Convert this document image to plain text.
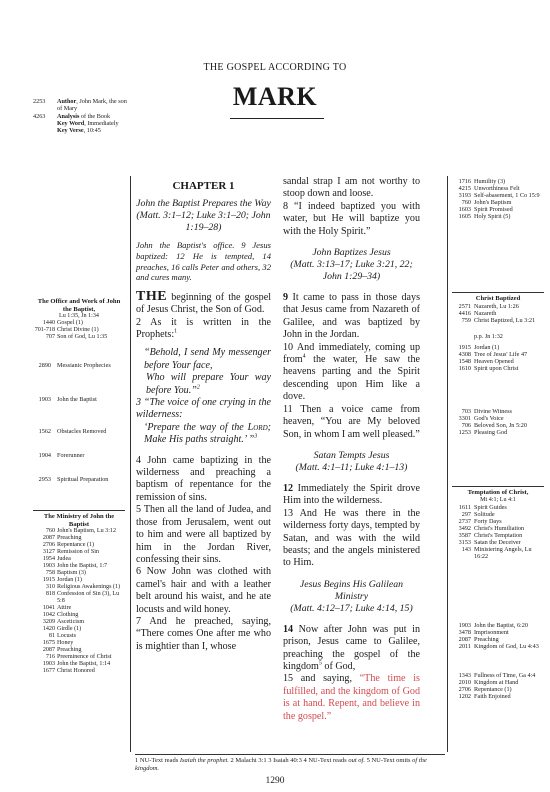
THE GOSPEL ACCORDING TO
MARK
2253 Author, John Mark, the son of Mary
4263 Analysis of the Book
Key Word, Immediately
Key Verse, 10:45
The Office and Work of John the Baptist,
Lu 1:35, Jn 1:34
1440 Gospel (1)
701-718 Christ Divine (1)
707 Son of God, Lu 1:35
2890 Messianic Prophecies
1903 John the Baptist
1562 Obstacles Removed
1904 Forerunner
2953 Spiritual Preparation
The Ministry of John the Baptist
760 John's Baptism, Lu 3:12
2087 Preaching
2706 Repentance (1)
3127 Remission of Sin
1954 Judea
1903 John the Baptist, 1:7
758 Baptism (3)
1915 Jordan (1)
310 Religious Awakenings (1)
818 Confession of Sin (3), Lu 5:8
1041 Attire
1042 Clothing
3209 Asceticism
1420 Girdle (1)
81 Locusts
1675 Honey
2087 Preaching
716 Preeminence of Christ
1903 John the Baptist, 1:14
1677 Christ Honored
CHAPTER 1
John the Baptist Prepares the Way
(Matt. 3:1–12; Luke 3:1–20; John 1:19–28)
John the Baptist's office. 9 Jesus baptized: 12 He is tempted, 14 preaches, 16 calls Peter and others, 32 and cures many.

THE beginning of the gospel of Jesus Christ, the Son of God.

2 As it is written in the Prophets:$^1$

“Behold, I send My messenger before Your face,

Who will prepare Your way before You.”$^2$

3 “The voice of one crying in the wilderness:

‘Prepare the way of the Lord; Make His paths straight.’ ”$^3$

4 John came baptizing in the wilderness and preaching a baptism of repentance for the remission of sins.

5 Then all the land of Judea, and those from Jerusalem, went out to him and were all baptized by him in the Jordan River, confessing their sins.

6 Now John was clothed with camel's hair and with a leather belt around his waist, and he ate locusts and wild honey.

7 And he preached, saying, “There comes One after me who is mightier than I, whose

sandal strap I am not worthy to stoop down and loose.

8 “I indeed baptized you with water, but He will baptize you with the Holy Spirit.”

John Baptizes Jesus
(Matt. 3:13–17; Luke 3:21, 22; John 1:29–34)

9 It came to pass in those days that Jesus came from Nazareth of Galilee, and was baptized by John in the Jordan.

10 And immediately, coming up from$^4$ the water, He saw the heavens parting and the Spirit descending upon Him like a dove.

11 Then a voice came from heaven, “You are My beloved Son, in whom I am well pleased.”

Satan Tempts Jesus
(Matt. 4:1–11; Luke 4:1–13)

12 Immediately the Spirit drove Him into the wilderness.

13 And He was there in the wilderness forty days, tempted by Satan, and was with the wild beasts; and the angels ministered to Him.

Jesus Begins His Galilean Ministry
(Matt. 4:12–17; Luke 4:14, 15)

14 Now after John was put in prison, Jesus came to Galilee, preaching the gospel of the kingdom$^5$ of God,

15 and saying, “The time is fulfilled, and the kingdom of God is at hand. Repent, and believe in the gospel.”

1716 Humility (3)
4215 Unworthiness Felt
3193 Self-abasement, 1 Co 15:9
760 John's Baptism
1603 Spirit Promised
1605 Holy Spirit (5)
Christ Baptized
2571 Nazareth, Lu 1:26
4416 Nazareth
759 Christ Baptized, Lu 3:21
p.p. Jn 1:32
1915 Jordan (1)
4308 Tree of Jesus' Life 47
1548 Heaven Opened
1610 Spirit upon Christ
703 Divine Witness
3301 God's Voice
706 Beloved Son, Jn 5:20
1253 Pleasing God
Temptation of Christ,
Mt 4:1; Lu 4:1
1611 Spirit Guides
297 Solitude
2737 Forty Days
3492 Christ's Humiliation
3587 Christ's Temptation
3153 Satan the Deceiver
143 Ministering Angels, Lu 16:22
1903 John the Baptist, 6:20
3478 Imprisonment
2087 Preaching
2011 Kingdom of God, Lu 4:43
1343 Fullness of Time, Ga 4:4
2010 Kingdom at Hand
2706 Repentance (1)
1202 Faith Enjoined
1 NU-Text reads Isaiah the prophet. 2 Malachi 3:1 3 Isaiah 40:3 4 NU-Text reads out of. 5 NU-Text omits of the kingdom.
1290
